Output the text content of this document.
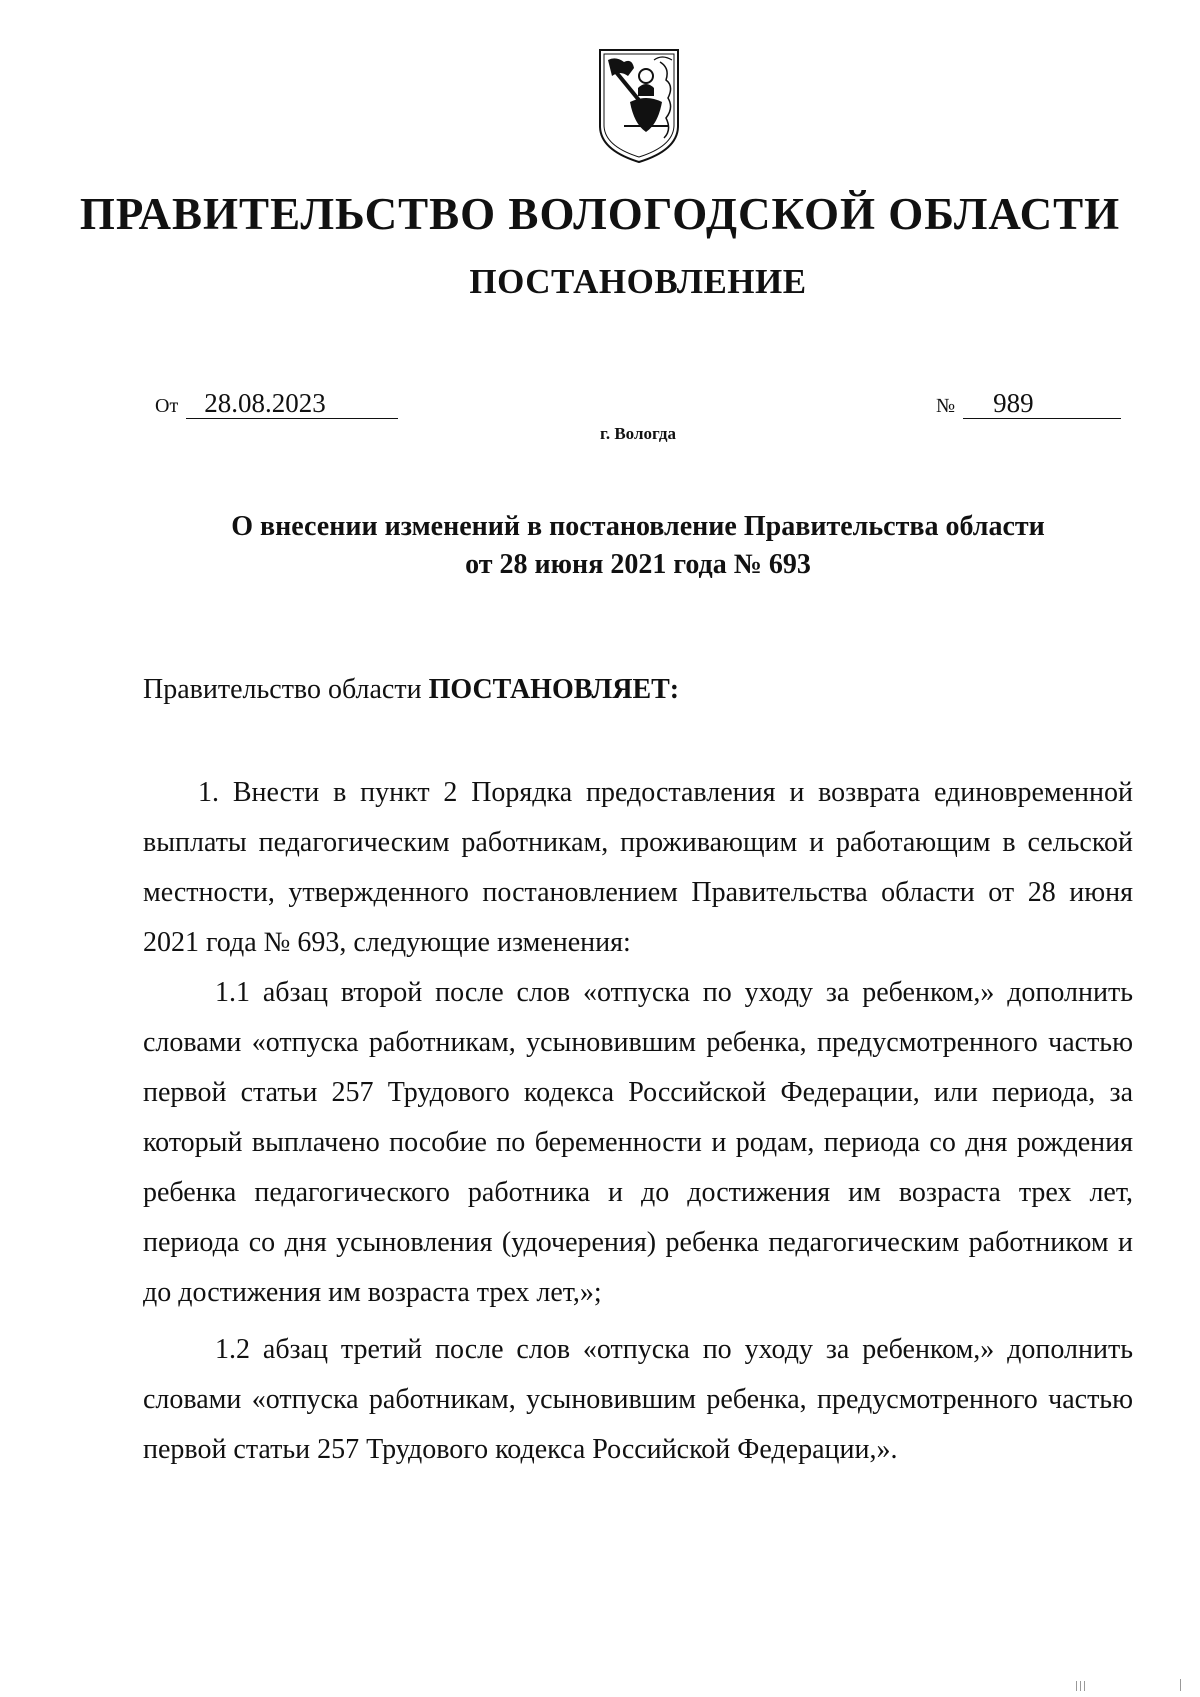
ПРАВИТЕЛЬСТВО ВОЛОГОДСКОЙ ОБЛАСТИ
ПОСТАНОВЛЕНИЕ
От 28.08.2023	№ 989
г. Вологда
О внесении изменений в постановление Правительства области
от 28 июня 2021 года № 693
Правительство области ПОСТАНОВЛЯЕТ:

1. Внести в пункт 2 Порядка предоставления и возврата единовременной выплаты педагогическим работникам, проживающим и работающим в сельской местности, утвержденного постановлением Правительства области от 28 июня 2021 года № 693, следующие изменения:

1.1 абзац второй после слов «отпуска по уходу за ребенком,» дополнить словами «отпуска работникам, усыновившим ребенка, предусмотренного частью первой статьи 257 Трудового кодекса Российской Федерации, или периода, за который выплачено пособие по беременности и родам, периода со дня рождения ребенка педагогического работника и до достижения им возраста трех лет, периода со дня усыновления (удочерения) ребенка педагогическим работником и до достижения им возраста трех лет,»;

1.2 абзац третий после слов «отпуска по уходу за ребенком,» дополнить словами «отпуска работникам, усыновившим ребенка, предусмотренного частью первой статьи 257 Трудового кодекса Российской Федерации,».
